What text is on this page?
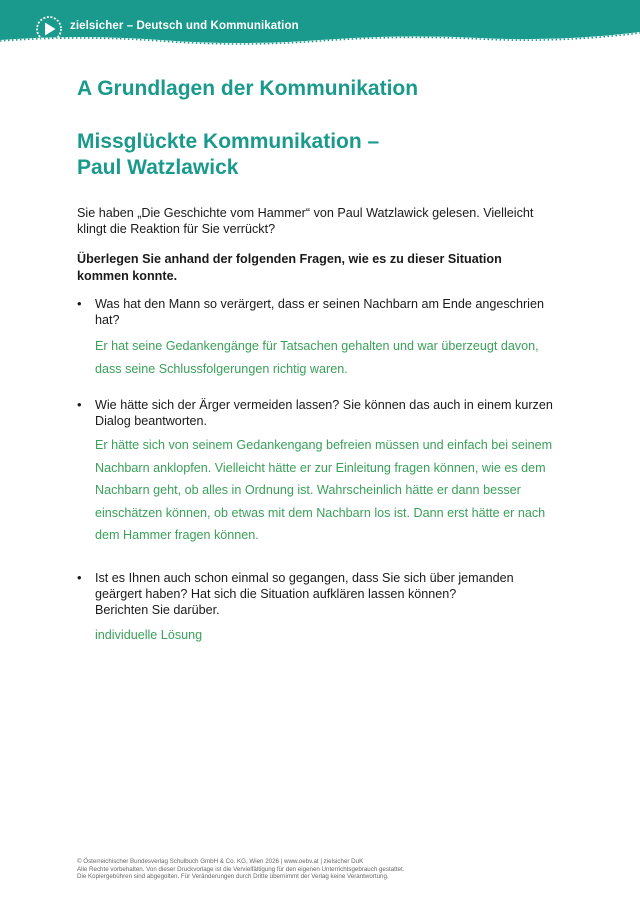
zielsicher – Deutsch und Kommunikation
A Grundlagen der Kommunikation
Missglückte Kommunikation –
Paul Watzlawick

Sie haben „Die Geschichte vom Hammer“ von Paul Watzlawick gelesen. Vielleicht klingt die Reaktion für Sie verrückt?

Überlegen Sie anhand der folgenden Fragen, wie es zu dieser Situation kommen konnte.

• Was hat den Mann so verärgert, dass er seinen Nachbarn am Ende angeschrien hat?

Er hat seine Gedankengänge für Tatsachen gehalten und war überzeugt davon, dass seine Schlussfolgerungen richtig waren.

• Wie hätte sich der Ärger vermeiden lassen? Sie können das auch in einem kurzen Dialog beantworten.

Er hätte sich von seinem Gedankengang befreien müssen und einfach bei seinem Nachbarn anklopfen. Vielleicht hätte er zur Einleitung fragen können, wie es dem Nachbarn geht, ob alles in Ordnung ist. Wahrscheinlich hätte er dann besser einschätzen können, ob etwas mit dem Nachbarn los ist. Dann erst hätte er nach dem Hammer fragen können.

• Ist es Ihnen auch schon einmal so gegangen, dass Sie sich über jemanden geärgert haben? Hat sich die Situation aufklären lassen können?
Berichten Sie darüber.

individuelle Lösung

© Österreichischer Bundesverlag Schulbuch GmbH & Co. KG, Wien 2026 | www.oebv.at | zielsicher DuK
Alle Rechte vorbehalten. Von dieser Druckvorlage ist die Vervielfältigung für den eigenen Unterrichtsgebrauch gestattet.
Die Kopiergebühren sind abgegolten. Für Veränderungen durch Dritte übernimmt der Verlag keine Verantwortung.
